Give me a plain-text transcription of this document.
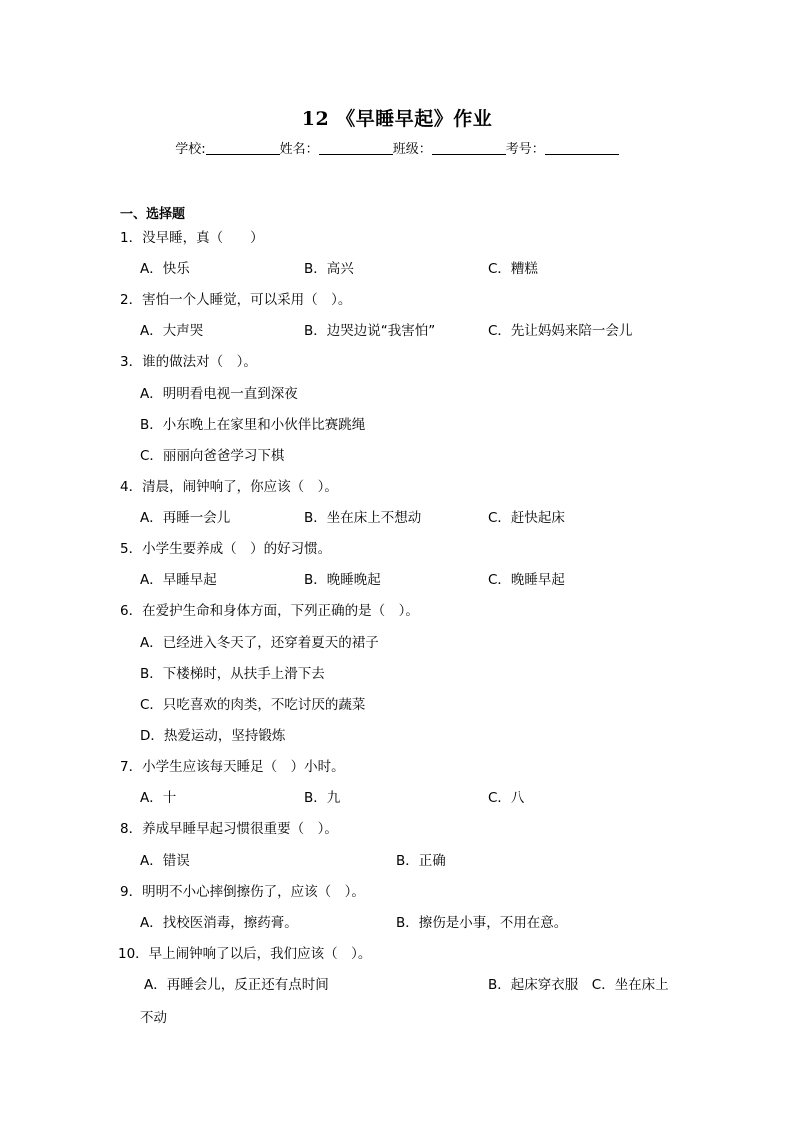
12 《早睡早起》作业
学校:	姓名：	班级：	考号：
一、选择题
1．没早睡，真（　　）
A．快乐	B．高兴	C．糟糕
2．害怕一个人睡觉，可以采用（　）。
A．大声哭	B．边哭边说“我害怕”	C．先让妈妈来陪一会儿
3．谁的做法对（　）。
A．明明看电视一直到深夜
B．小东晚上在家里和小伙伴比赛跳绳
C．丽丽向爸爸学习下棋
4．清晨，闹钟响了，你应该（　）。
A．再睡一会儿	B．坐在床上不想动	C．赶快起床
5．小学生要养成（　）的好习惯。
A．早睡早起	B．晚睡晚起	C．晚睡早起
6．在爱护生命和身体方面，下列正确的是（　）。
A．已经进入冬天了，还穿着夏天的裙子
B．下楼梯时，从扶手上滑下去
C．只吃喜欢的肉类，不吃讨厌的蔬菜
D．热爱运动，坚持锻炼
7．小学生应该每天睡足（　）小时。
A．十	B．九	C．八
8．养成早睡早起习惯很重要（　）。
A．错误	B．正确
9．明明不小心摔倒擦伤了，应该（　）。
A．找校医消毒，擦药膏。	B．擦伤是小事，不用在意。
10．早上闹钟响了以后，我们应该（　）。
A．再睡会儿，反正还有点时间	B．起床穿衣服　C．坐在床上
不动
